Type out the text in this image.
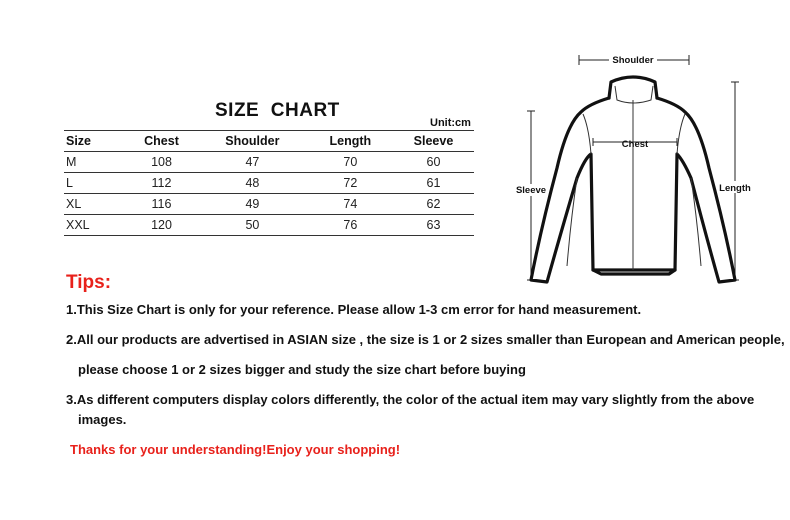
SIZE  CHART
Unit:cm
Size	Chest	Shoulder	Length	Sleeve
M	108	47	70	60
L	112	48	72	61
XL	116	49	74	62
XXL	120	50	76	63
Shoulder
Sleeve	Length
Chest
Tips:
1.This Size Chart is only for your reference. Please allow 1-3 cm error for hand measurement.
2.All our products are advertised in ASIAN size , the size is 1 or 2 sizes smaller than European and American people,
please choose 1 or 2 sizes bigger and study the size chart before buying
3.As different computers display colors differently, the color of the actual item may vary slightly from the above
images.
Thanks for your understanding!Enjoy your shopping!
